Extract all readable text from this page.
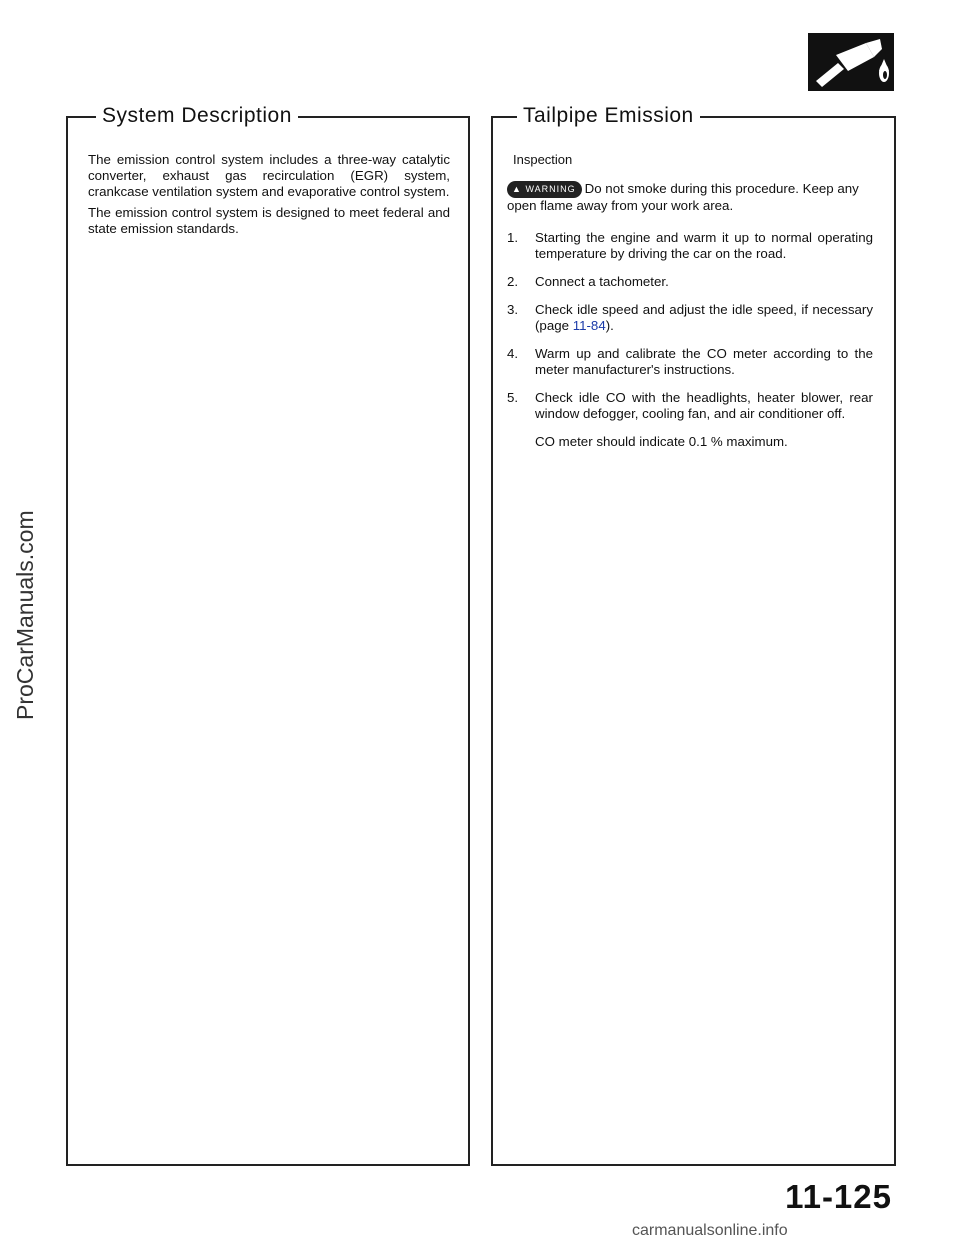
System Description

The emission control system includes a three-way catalytic converter, exhaust gas recirculation (EGR) system, crankcase ventilation system and evaporative control system.

The emission control system is designed to meet federal and state emission standards.

Tailpipe Emission
Inspection
▲ WARNING Do not smoke during this procedure. Keep any open flame away from your work area.
1. Starting the engine and warm it up to normal operating temperature by driving the car on the road.
2. Connect a tachometer.
3. Check idle speed and adjust the idle speed, if necessary (page 11-84).
4. Warm up and calibrate the CO meter according to the meter manufacturer's instructions.
5. Check idle CO with the headlights, heater blower, rear window defogger, cooling fan, and air conditioner off.
CO meter should indicate 0.1 % maximum.
ProCarManuals.com
11-125
carmanualsonline.info
